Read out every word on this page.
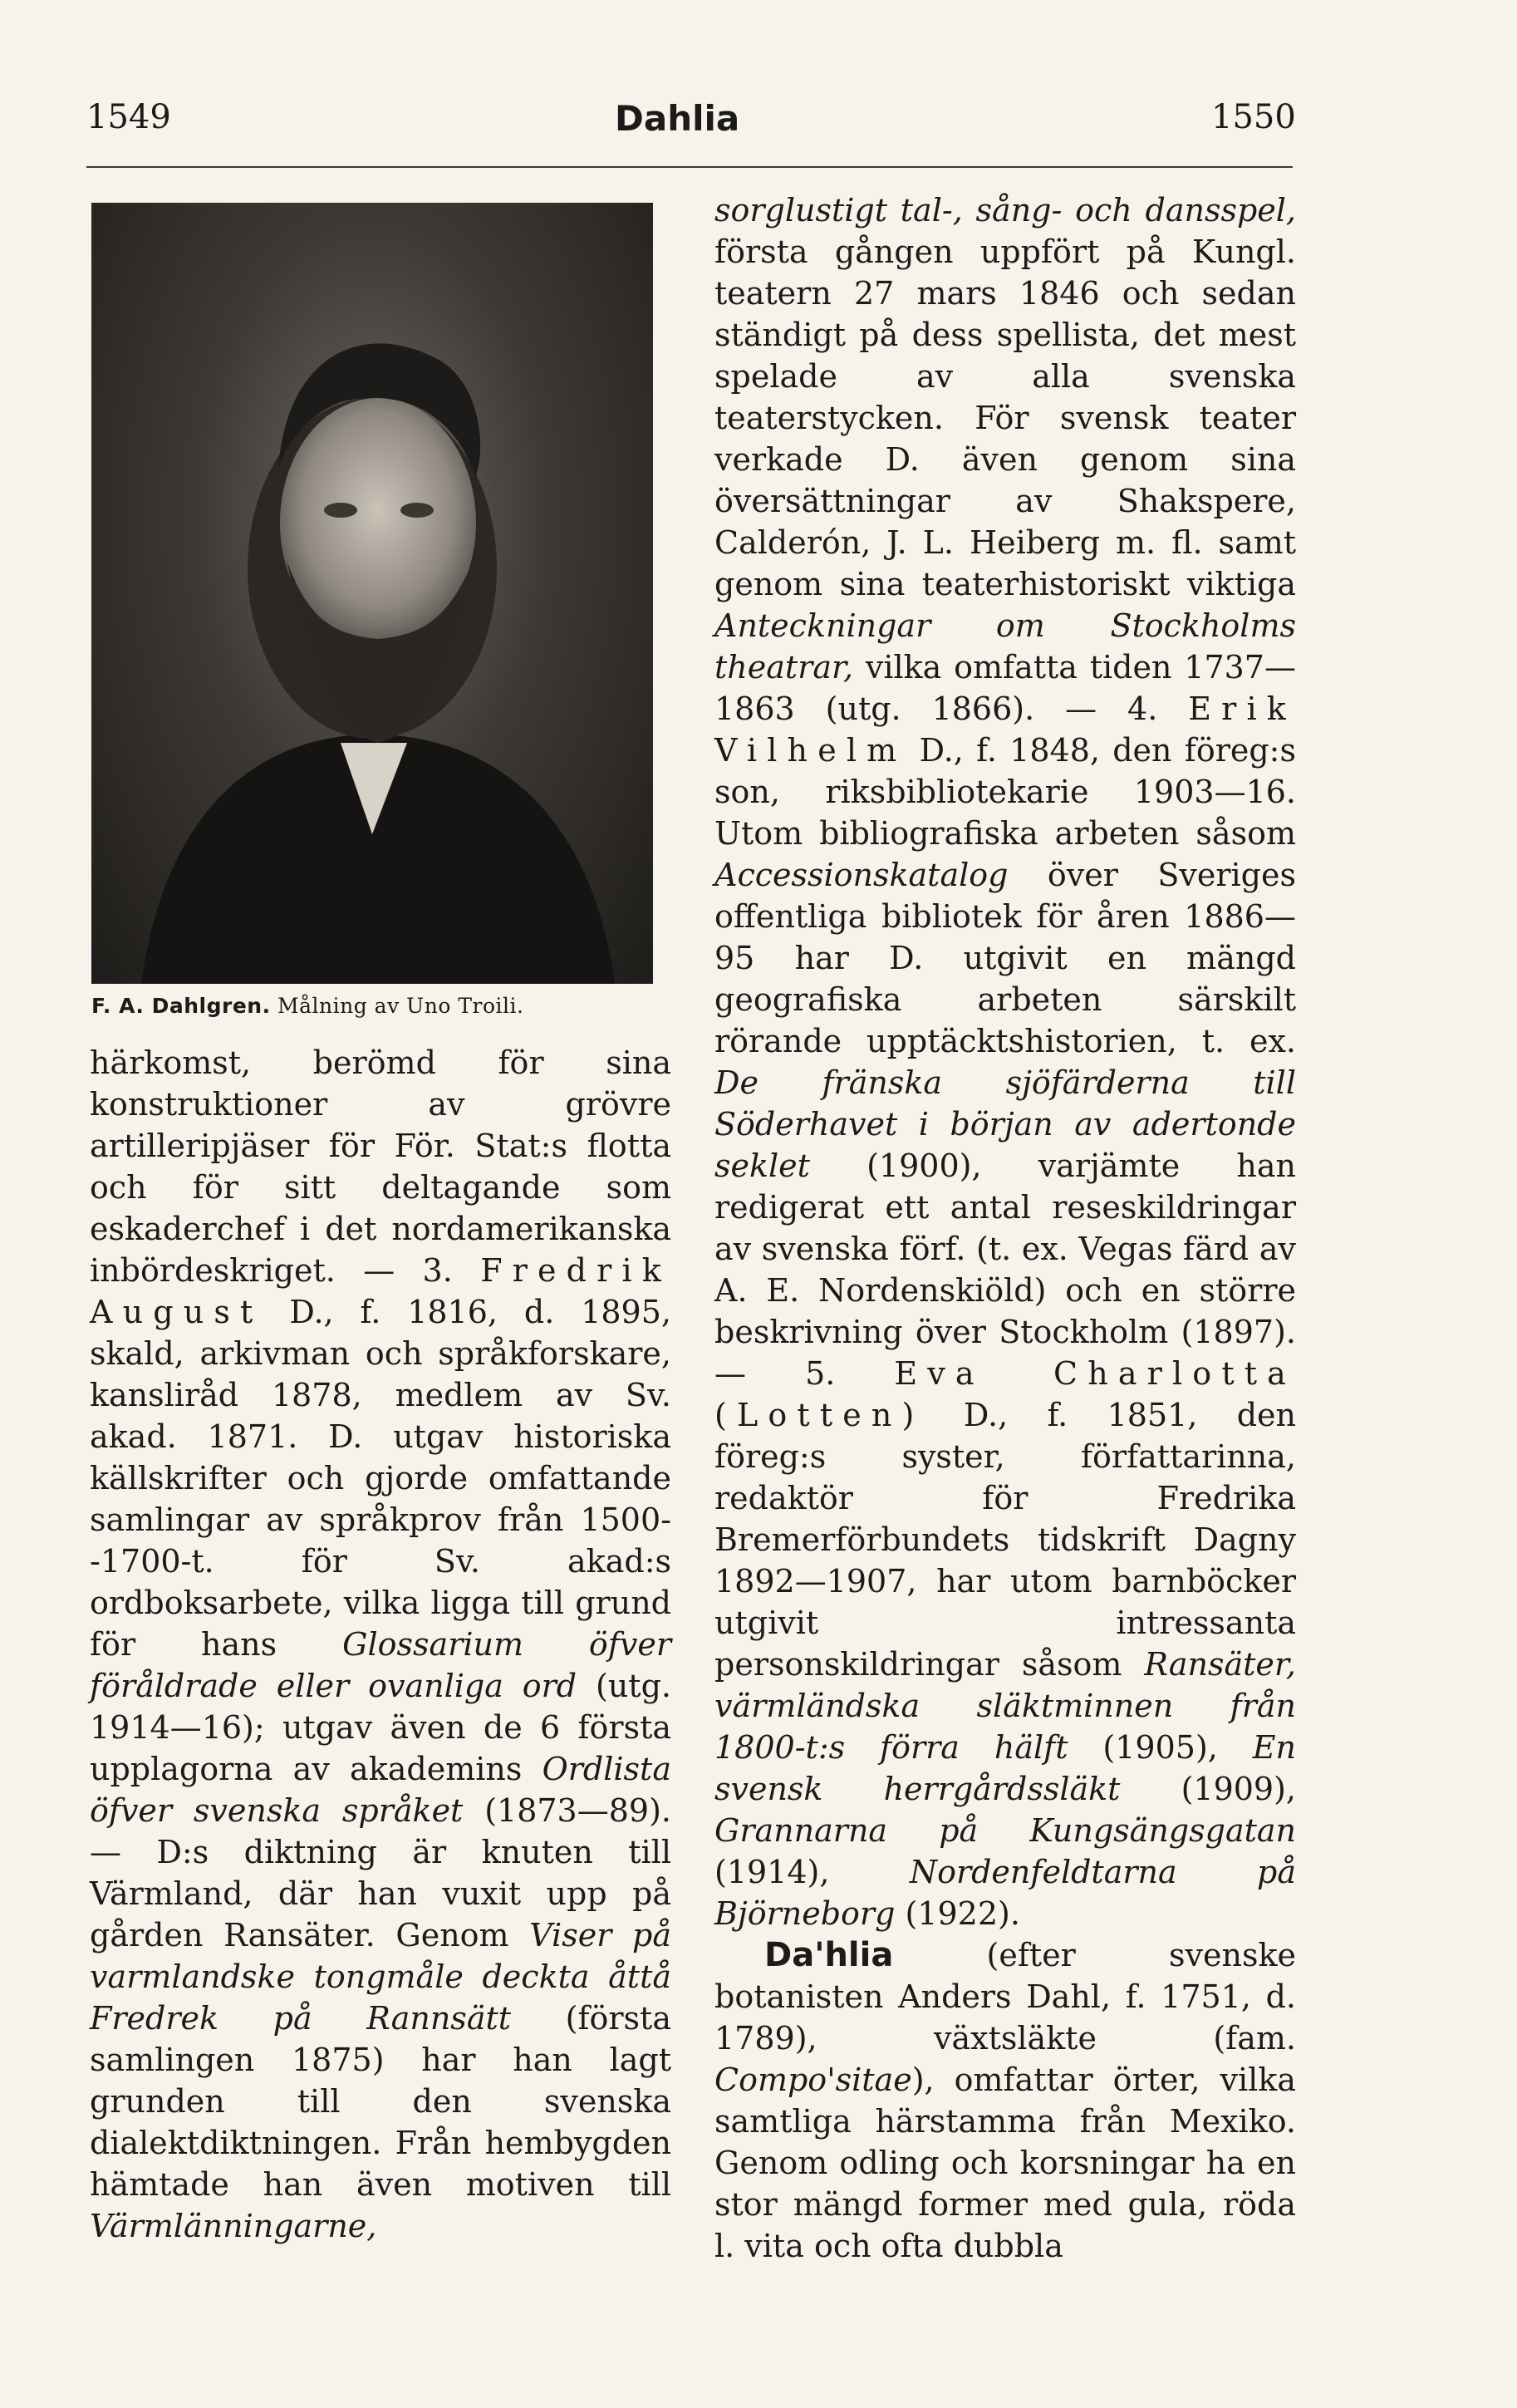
1549	Dahlia	1550
F. A. Dahlgren. Målning av Uno Troili.

härkomst, berömd för sina konstruktioner av grövre artilleripjäser för För. Stat:s flotta och för sitt deltagande som eskaderchef i det nordamerikanska inbördeskriget. — 3. Fredrik August D., f. 1816, d. 1895, skald, arkivman och språkforskare, kansliråd 1878, medlem av Sv. akad. 1871. D. utgav historiska källskrifter och gjorde omfattande samlingar av språkprov från 1500--1700-t. för Sv. akad:s ordboksarbete, vilka ligga till grund för hans Glossarium öfver föråldrade eller ovanliga ord (utg. 1914—16); utgav även de 6 första upplagorna av akademins Ordlista öfver svenska språket (1873—89). — D:s diktning är knuten till Värmland, där han vuxit upp på gården Ransäter. Genom Viser på varmlandske tongmåle deckta åttå Fredrek på Rannsätt (första samlingen 1875) har han lagt grunden till den svenska dialektdiktningen. Från hembygden hämtade han även motiven till Värmlänningarne,

sorglustigt tal-, sång- och dansspel, första gången uppfört på Kungl. teatern 27 mars 1846 och sedan ständigt på dess spellista, det mest spelade av alla svenska teaterstycken. För svensk teater verkade D. även genom sina översättningar av Shakspere, Calderón, J. L. Heiberg m. fl. samt genom sina teaterhistoriskt viktiga Anteckningar om Stockholms theatrar, vilka omfatta tiden 1737—1863 (utg. 1866). — 4. Erik Vilhelm D., f. 1848, den föreg:s son, riksbibliotekarie 1903—16. Utom bibliografiska arbeten såsom Accessionskatalog över Sveriges offentliga bibliotek för åren 1886—95 har D. utgivit en mängd geografiska arbeten särskilt rörande upptäcktshistorien, t. ex. De fränska sjöfärderna till Söderhavet i början av adertonde seklet (1900), varjämte han redigerat ett antal reseskildringar av svenska förf. (t. ex. Vegas färd av A. E. Nordenskiöld) och en större beskrivning över Stockholm (1897). — 5. Eva Charlotta (Lotten) D., f. 1851, den föreg:s syster, författarinna, redaktör för Fredrika Bremerförbundets tidskrift Dagny 1892—1907, har utom barnböcker utgivit intressanta personskildringar såsom Ransäter, värmländska släktminnen från 1800-t:s förra hälft (1905), En svensk herrgårdssläkt (1909), Grannarna på Kungsängsgatan (1914), Nordenfeldtarna på Björneborg (1922).

Da'hlia (efter svenske botanisten Anders Dahl, f. 1751, d. 1789), växtsläkte (fam. Compo'sitae), omfattar örter, vilka samtliga härstamma från Mexiko. Genom odling och korsningar ha en stor mängd former med gula, röda l. vita och ofta dubbla
